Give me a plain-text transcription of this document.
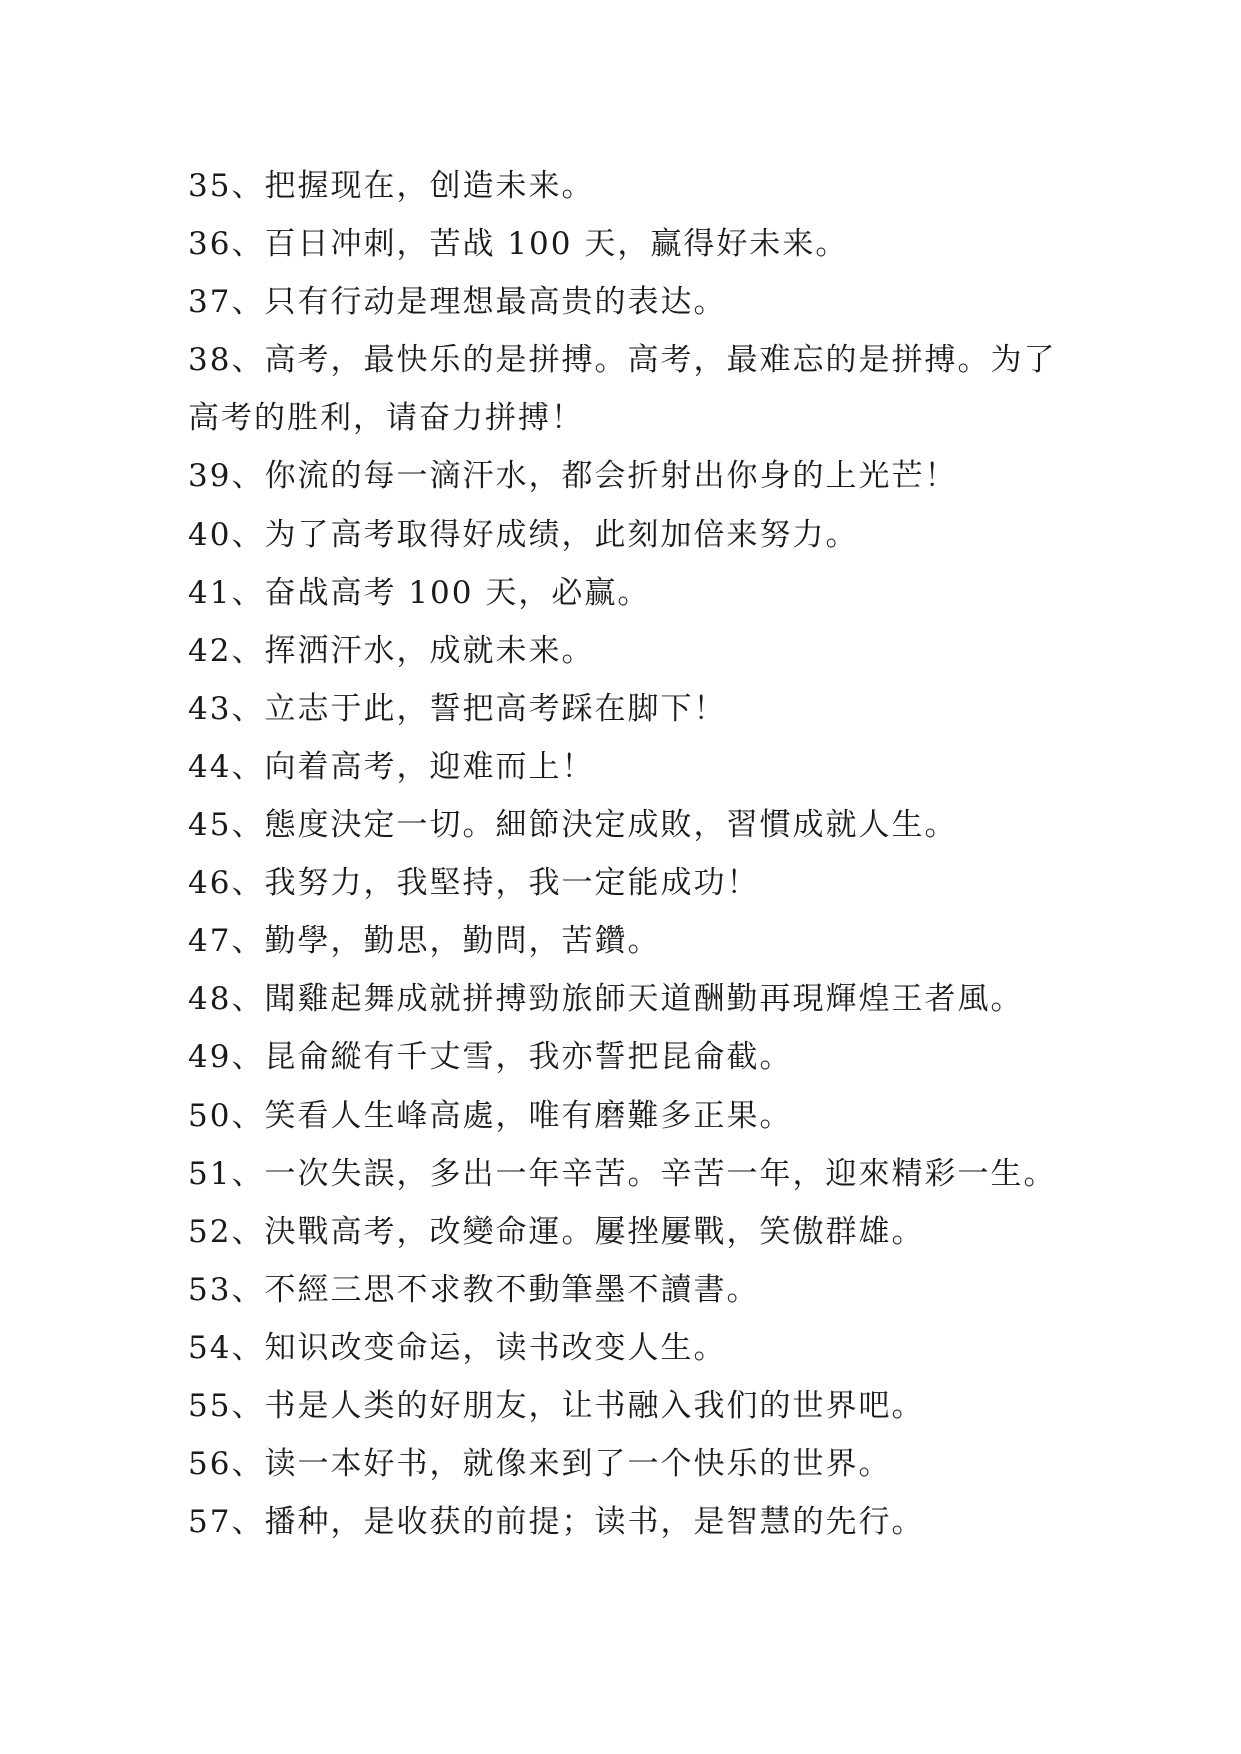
35、把握现在，创造未来。
36、百日冲刺，苦战 100 天，赢得好未来。
37、只有行动是理想最高贵的表达。
38、高考，最快乐的是拼搏。高考，最难忘的是拼搏。为了
高考的胜利，请奋力拼搏！
39、你流的每一滴汗水，都会折射出你身的上光芒！
40、为了高考取得好成绩，此刻加倍来努力。
41、奋战高考 100 天，必赢。
42、挥洒汗水，成就未来。
43、立志于此，誓把高考踩在脚下！
44、向着高考，迎难而上！
45、態度決定一切。細節決定成敗，習慣成就人生。
46、我努力，我堅持，我一定能成功！
47、勤學，勤思，勤問，苦鑽。
48、聞雞起舞成就拼搏勁旅師天道酬勤再現輝煌王者風。
49、昆侖縱有千丈雪，我亦誓把昆侖截。
50、笑看人生峰高處，唯有磨難多正果。
51、一次失誤，多出一年辛苦。辛苦一年，迎來精彩一生。
52、決戰高考，改變命運。屢挫屢戰，笑傲群雄。
53、不經三思不求教不動筆墨不讀書。
54、知识改变命运，读书改变人生。
55、书是人类的好朋友，让书融入我们的世界吧。
56、读一本好书，就像来到了一个快乐的世界。
57、播种，是收获的前提；读书，是智慧的先行。
